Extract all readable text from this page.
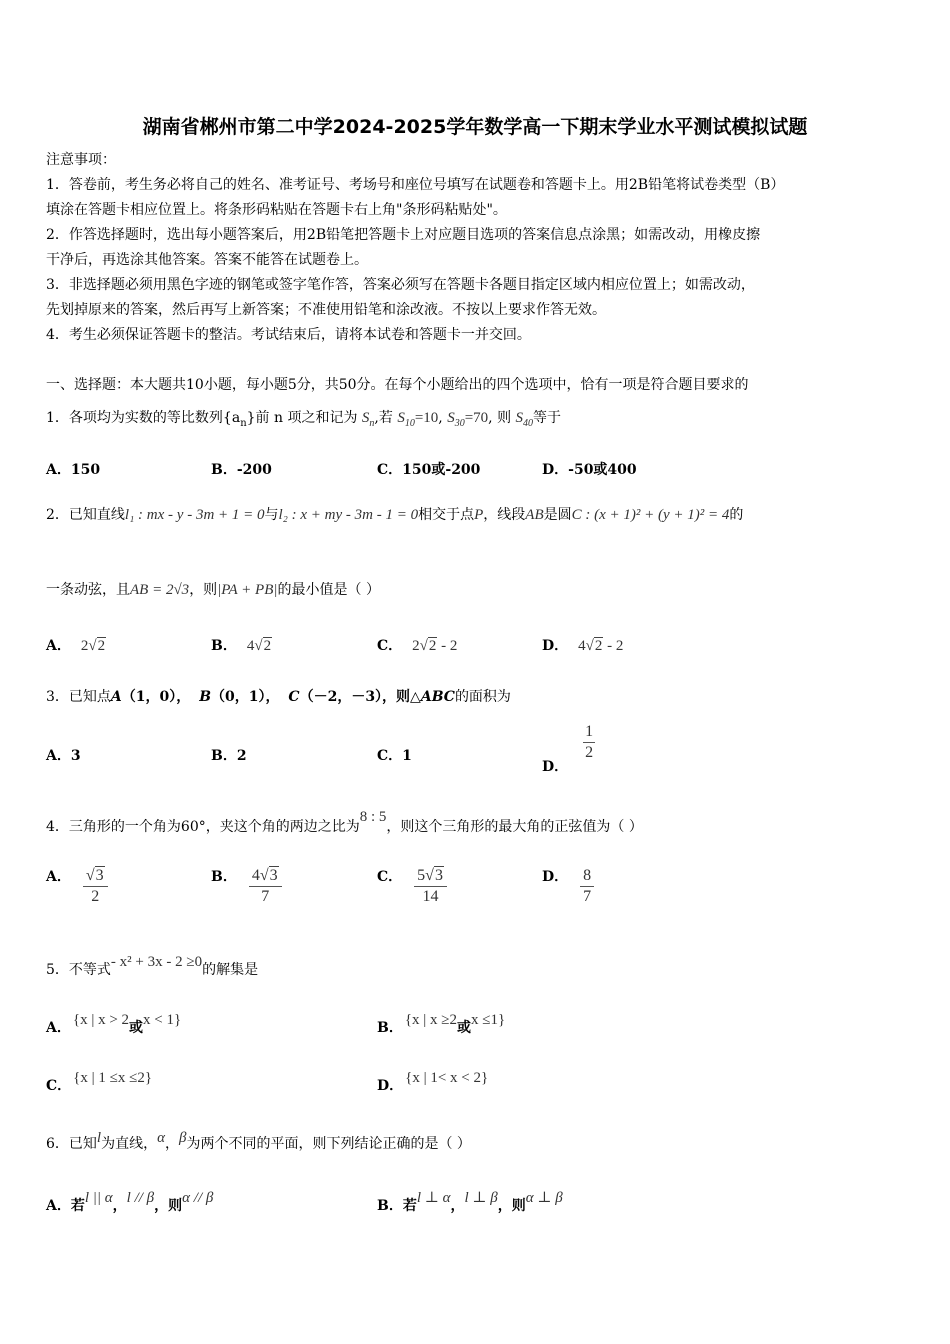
湖南省郴州市第二中学2024-2025学年数学高一下期末学业水平测试模拟试题
注意事项：
1．答卷前，考生务必将自己的姓名、准考证号、考场号和座位号填写在试题卷和答题卡上。用2B铅笔将试卷类型（B）
填涂在答题卡相应位置上。将条形码粘贴在答题卡右上角"条形码粘贴处"。
2．作答选择题时，选出每小题答案后，用2B铅笔把答题卡上对应题目选项的答案信息点涂黑；如需改动，用橡皮擦
干净后，再选涂其他答案。答案不能答在试题卷上。
3．非选择题必须用黑色字迹的钢笔或签字笔作答，答案必须写在答题卡各题目指定区域内相应位置上；如需改动，
先划掉原来的答案，然后再写上新答案；不准使用铅笔和涂改液。不按以上要求作答无效。
4．考生必须保证答题卡的整洁。考试结束后，请将本试卷和答题卡一并交回。
一、选择题：本大题共10小题，每小题5分，共50分。在每个小题给出的四个选项中，恰有一项是符合题目要求的
1．各项均为实数的等比数列$\{a_n\}$前 n 项之和记为 $S_n$,若 $S_{10}=10$, $S_{30}=70$, 则 $S_{40}$等于
A．150	B．-200	C．150或-200	D．-50或400
2．已知直线l₁ : mx - y - 3m + 1 = 0与l₂ : x + my - 3m - 1 = 0相交于点P，线段AB是圆C : (x + 1)² + (y + 1)² = 4的
一条动弦，且AB = 2√3，则|PA + PB|的最小值是（ ）
A． 2√2	B． 4√2	C． 2√2 - 2	D． 4√2 - 2
3．已知点A（1，0）， B（0，1）， C（－2，－3），则△ABC的面积为
A．3	B．2	C．1
D．
$\frac{1}{2}$
4．三角形的一个角为60°，夹这个角的两边之比为8 : 5，则这个三角形的最大角的正弦值为（ ）
A． $\frac{√3}{2}$	B． $\frac{4√3}{7}$	C． $\frac{5√3}{14}$	D． $\frac{8}{7}$
5．不等式- x² + 3x - 2 ≥0的解集是
A． {x | x > 2或x < 1}	B． {x | x ≥2或x ≤1}
C． {x | 1 ≤x ≤2}	D． {x | 1< x < 2}
6．已知l为直线，α，β为两个不同的平面，则下列结论正确的是（ ）
A．若l || α，l // β，则α // β	B．若l ⊥ α，l ⊥ β，则α ⊥ β
